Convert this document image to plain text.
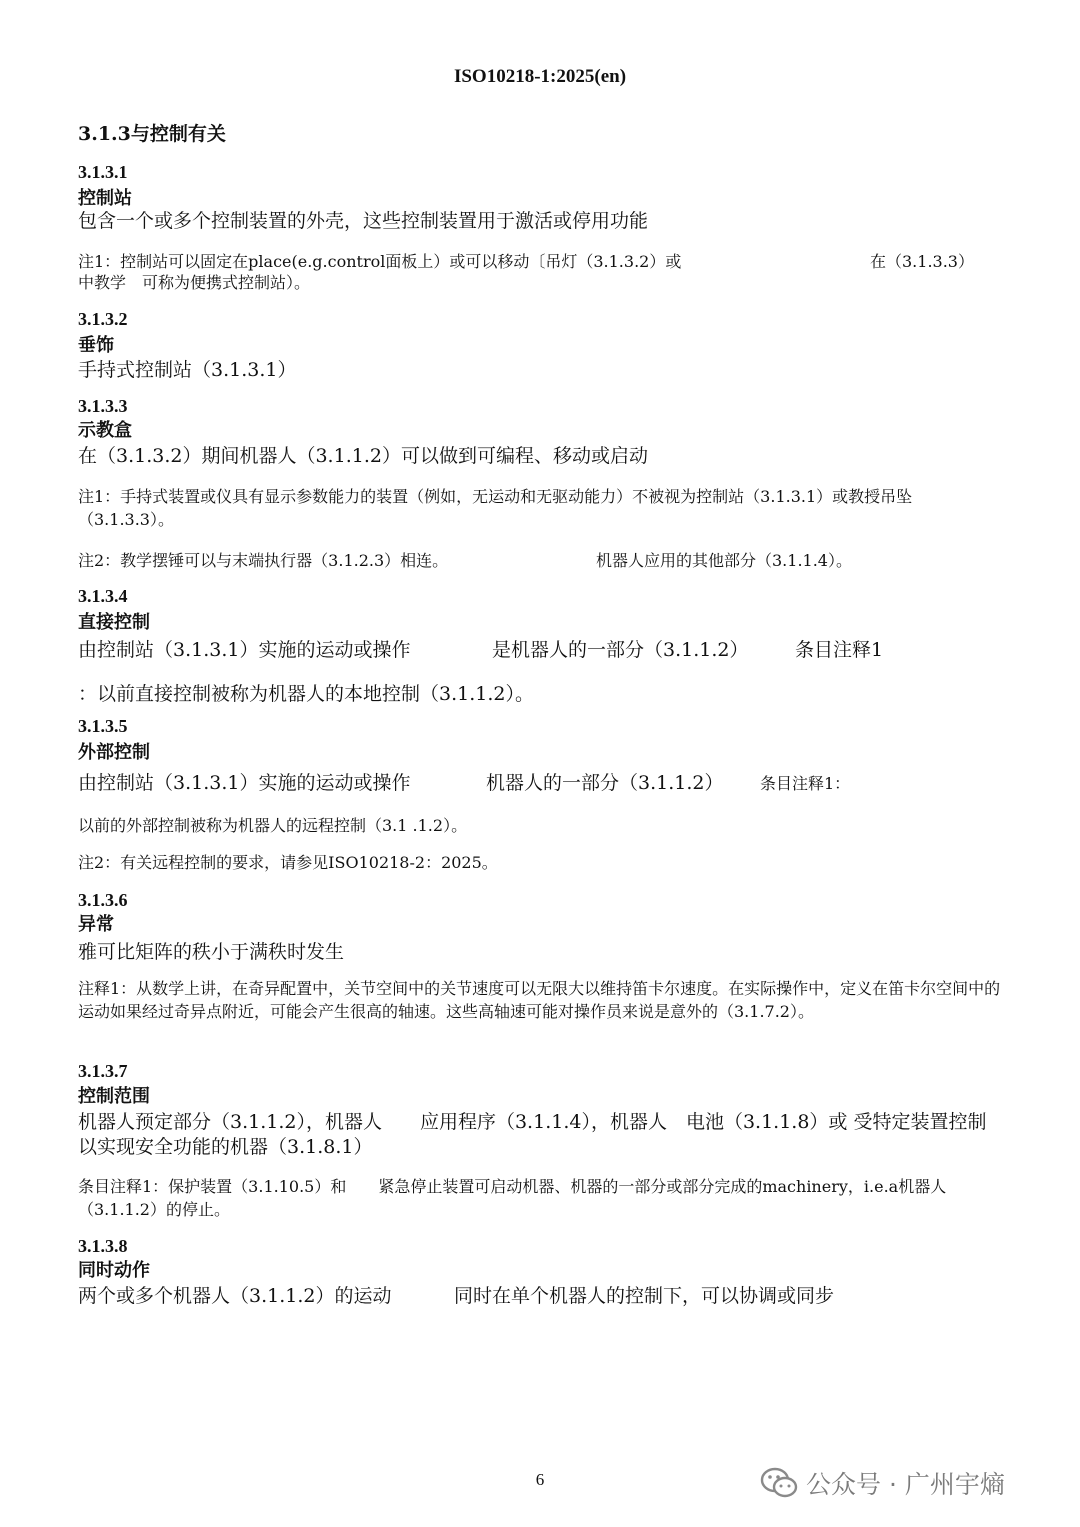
ISO10218-1:2025(en)
3.1.3与控制有关
3.1.3.1
控制站
包含一个或多个控制装置的外壳，这些控制装置用于激活或停用功能
注1：控制站可以固定在place(e.g.control面板上）或可以移动〔吊灯（3.1.3.2）或	在（3.1.3.3）
中教学　可称为便携式控制站）。
3.1.3.2
垂饰
手持式控制站（3.1.3.1）
3.1.3.3
示教盒
在（3.1.3.2）期间机器人（3.1.1.2）可以做到可编程、移动或启动
注1：手持式装置或仪具有显示参数能力的装置（例如，无运动和无驱动能力）不被视为控制站（3.1.3.1）或教授吊坠（3.1.3.3）。
注2：教学摆锤可以与末端执行器（3.1.2.3）相连。	机器人应用的其他部分（3.1.1.4）。
3.1.3.4
直接控制
由控制站（3.1.3.1）实施的运动或操作	是机器人的一部分（3.1.1.2） 条目注释1
：以前直接控制被称为机器人的本地控制（3.1.1.2）。
3.1.3.5
外部控制
由控制站（3.1.3.1）实施的运动或操作	机器人的一部分（3.1.1.2） 条目注释1：
以前的外部控制被称为机器人的远程控制（3.1 .1.2）。
注2：有关远程控制的要求，请参见ISO10218-2：2025。
3.1.3.6
异常
雅可比矩阵的秩小于满秩时发生
注释1：从数学上讲，在奇异配置中，关节空间中的关节速度可以无限大以维持笛卡尔速度。在实际操作中，定义在笛卡尔空间中的运动如果经过奇异点附近，可能会产生很高的轴速。这些高轴速可能对操作员来说是意外的（3.1.7.2）。
3.1.3.7
控制范围
机器人预定部分（3.1.1.2），机器人　　应用程序（3.1.1.4），机器人　电池（3.1.1.8）或 受特定装置控制以实现安全功能的机器（3.1.8.1）
条目注释1：保护装置（3.1.10.5）和　　紧急停止装置可启动机器、机器的一部分或部分完成的machinery，i.e.a机器人（3.1.1.2）的停止。
3.1.3.8
同时动作
两个或多个机器人（3.1.1.2）的运动	同时在单个机器人的控制下，可以协调或同步
6	公众号 · 广州宇熵
